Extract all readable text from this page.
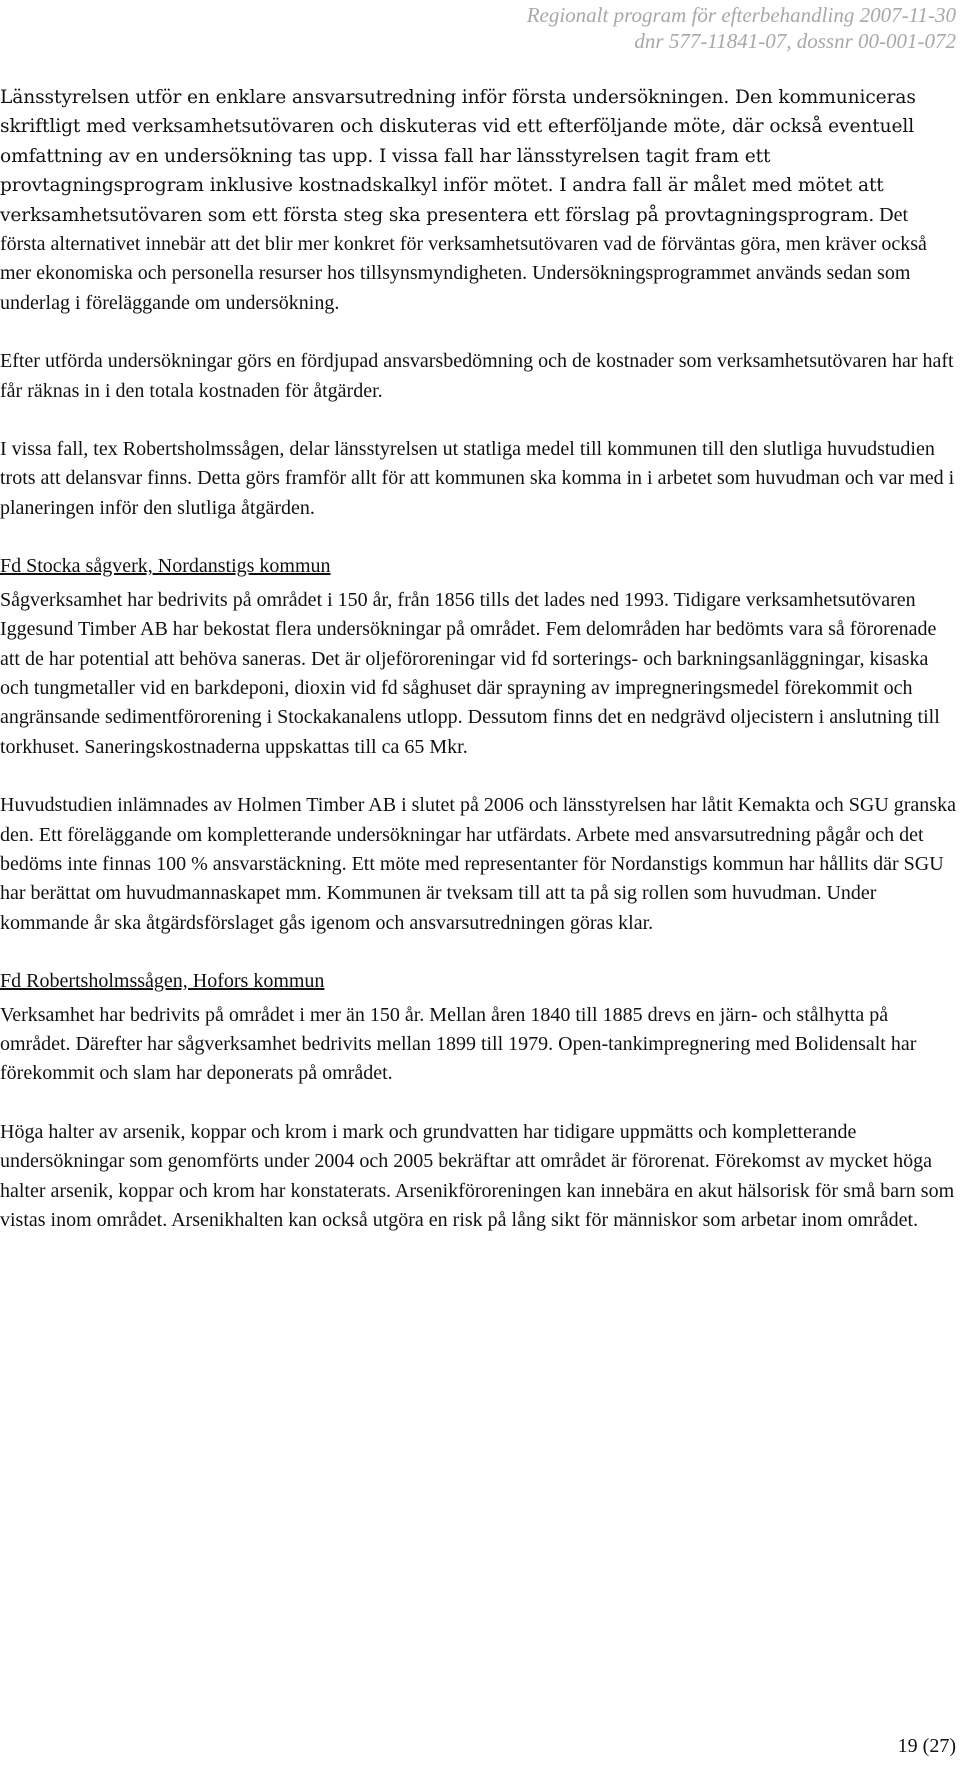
Regionalt program för efterbehandling 2007-11-30
dnr 577-11841-07, dossnr 00-001-072

Länsstyrelsen utför en enklare ansvarsutredning inför första undersökningen. Den kommuniceras skriftligt med verksamhetsutövaren och diskuteras vid ett efterföljande möte, där också eventuell omfattning av en undersökning tas upp. I vissa fall har länsstyrelsen tagit fram ett provtagningsprogram inklusive kostnadskalkyl inför mötet. I andra fall är målet med mötet att verksamhetsutövaren som ett första steg ska presentera ett förslag på provtagningsprogram. Det första alternativet innebär att det blir mer konkret för verksamhetsutövaren vad de förväntas göra, men kräver också mer ekonomiska och personella resurser hos tillsynsmyndigheten. Undersökningsprogrammet används sedan som underlag i föreläggande om undersökning.

Efter utförda undersökningar görs en fördjupad ansvarsbedömning och de kostnader som verksamhetsutövaren har haft får räknas in i den totala kostnaden för åtgärder.

I vissa fall, tex Robertsholmssågen, delar länsstyrelsen ut statliga medel till kommunen till den slutliga huvudstudien trots att delansvar finns. Detta görs framför allt för att kommunen ska komma in i arbetet som huvudman och var med i planeringen inför den slutliga åtgärden.

Fd Stocka sågverk, Nordanstigs kommun

Sågverksamhet har bedrivits på området i 150 år, från 1856 tills det lades ned 1993. Tidigare verksamhetsutövaren Iggesund Timber AB har bekostat flera undersökningar på området. Fem delområden har bedömts vara så förorenade att de har potential att behöva saneras. Det är oljeföroreningar vid fd sorterings- och barkningsanläggningar, kisaska och tungmetaller vid en barkdeponi, dioxin vid fd såghuset där sprayning av impregneringsmedel förekommit och angränsande sedimentförorening i Stockakanalens utlopp. Dessutom finns det en nedgrävd oljecistern i anslutning till torkhuset. Saneringskostnaderna uppskattas till ca 65 Mkr.

Huvudstudien inlämnades av Holmen Timber AB i slutet på 2006 och länsstyrelsen har låtit Kemakta och SGU granska den. Ett föreläggande om kompletterande undersökningar har utfärdats. Arbete med ansvarsutredning pågår och det bedöms inte finnas 100 % ansvarstäckning. Ett möte med representanter för Nordanstigs kommun har hållits där SGU har berättat om huvudmannaskapet mm. Kommunen är tveksam till att ta på sig rollen som huvudman. Under kommande år ska åtgärdsförslaget gås igenom och ansvarsutredningen göras klar.

Fd Robertsholmssågen, Hofors kommun

Verksamhet har bedrivits på området i mer än 150 år. Mellan åren 1840 till 1885 drevs en järn- och stålhytta på området. Därefter har sågverksamhet bedrivits mellan 1899 till 1979. Open-tankimpregnering med Bolidensalt har förekommit och slam har deponerats på området.

Höga halter av arsenik, koppar och krom i mark och grundvatten har tidigare uppmätts och kompletterande undersökningar som genomförts under 2004 och 2005 bekräftar att området är förorenat. Förekomst av mycket höga halter arsenik, koppar och krom har konstaterats. Arsenikföroreningen kan innebära en akut hälsorisk för små barn som vistas inom området. Arsenikhalten kan också utgöra en risk på lång sikt för människor som arbetar inom området.

19 (27)
